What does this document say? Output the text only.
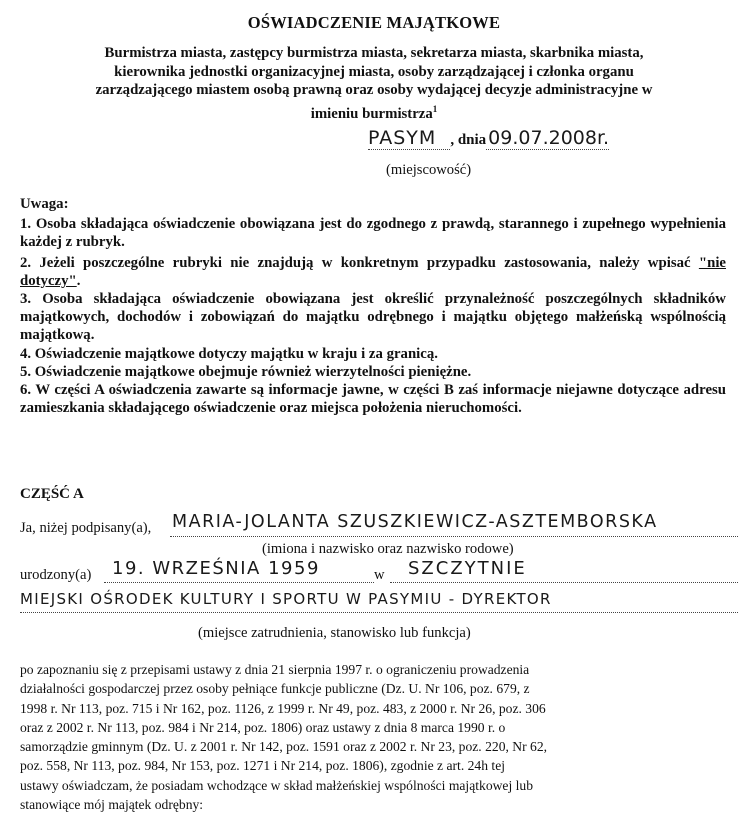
OŚWIADCZENIE MAJĄTKOWE
Burmistrza miasta, zastępcy burmistrza miasta, sekretarza miasta, skarbnika miasta,
kierownika jednostki organizacyjnej miasta, osoby zarządzającej i członka organu
zarządzającego miastem osobą prawną oraz osoby wydającej decyzje administracyjne w
imieniu burmistrza$^1$
PASYM , dnia 09.07.2008r.
(miejscowość)
Uwaga:
1. Osoba składająca oświadczenie obowiązana jest do zgodnego z prawdą, starannego i zupełnego wypełnienia każdej z rubryk.
2. Jeżeli poszczególne rubryki nie znajdują w konkretnym przypadku zastosowania, należy wpisać "nie dotyczy".
3. Osoba składająca oświadczenie obowiązana jest określić przynależność poszczególnych składników majątkowych, dochodów i zobowiązań do majątku odrębnego i majątku objętego małżeńską wspólnością majątkową.
4. Oświadczenie majątkowe dotyczy majątku w kraju i za granicą.
5. Oświadczenie majątkowe obejmuje również wierzytelności pieniężne.
6. W części A oświadczenia zawarte są informacje jawne, w części B zaś informacje niejawne dotyczące adresu zamieszkania składającego oświadczenie oraz miejsca położenia nieruchomości.
CZĘŚĆ A
Ja, niżej podpisany(a), MARIA-JOLANTA SZUSZKIEWICZ-ASZTEMBORSKA
(imiona i nazwisko oraz nazwisko rodowe)
urodzony(a) 19. WRZEŚNIA 1959	w SZCZYTNIE
MIEJSKI OŚRODEK KULTURY I SPORTU W PASYMIU - DYREKTOR
(miejsce zatrudnienia, stanowisko lub funkcja)

po zapoznaniu się z przepisami ustawy z dnia 21 sierpnia 1997 r. o ograniczeniu prowadzenia

działalności gospodarczej przez osoby pełniące funkcje publiczne (Dz. U. Nr 106, poz. 679, z

1998 r. Nr 113, poz. 715 i Nr 162, poz. 1126, z 1999 r. Nr 49, poz. 483, z 2000 r. Nr 26, poz. 306

oraz z 2002 r. Nr 113, poz. 984 i Nr 214, poz. 1806) oraz ustawy z dnia 8 marca 1990 r. o

samorządzie gminnym (Dz. U. z 2001 r. Nr 142, poz. 1591 oraz z 2002 r. Nr 23, poz. 220, Nr 62,

poz. 558, Nr 113, poz. 984, Nr 153, poz. 1271 i Nr 214, poz. 1806), zgodnie z art. 24h tej

ustawy oświadczam, że posiadam wchodzące w skład małżeńskiej wspólności majątkowej lub

stanowiące mój majątek odrębny:
